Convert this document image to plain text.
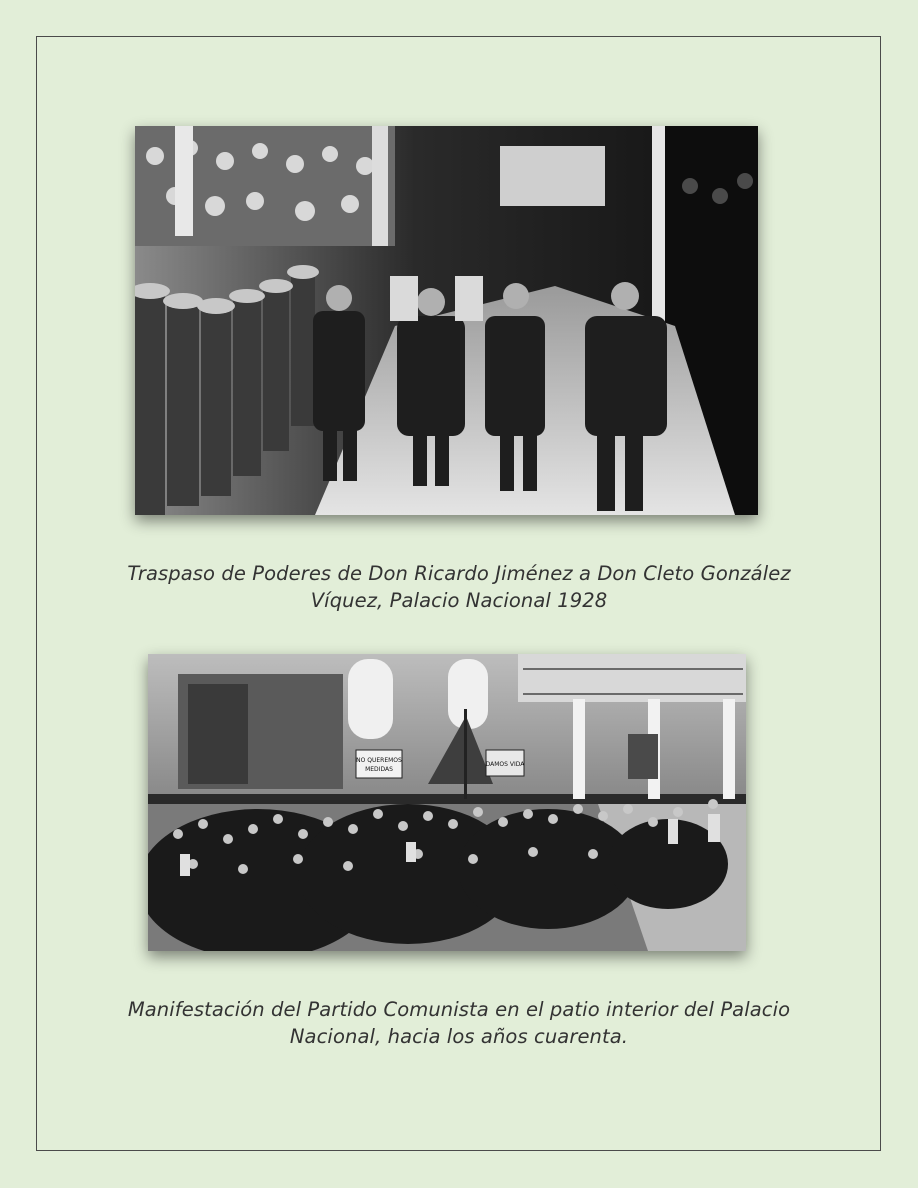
Traspaso de Poderes de Don Ricardo Jiménez a Don Cleto González
Víquez, Palacio Nacional 1928
NO QUEREMOS
MEDIDAS
DAMOS VIDA
Manifestación del Partido Comunista en el patio interior del Palacio
Nacional, hacia los años cuarenta.
